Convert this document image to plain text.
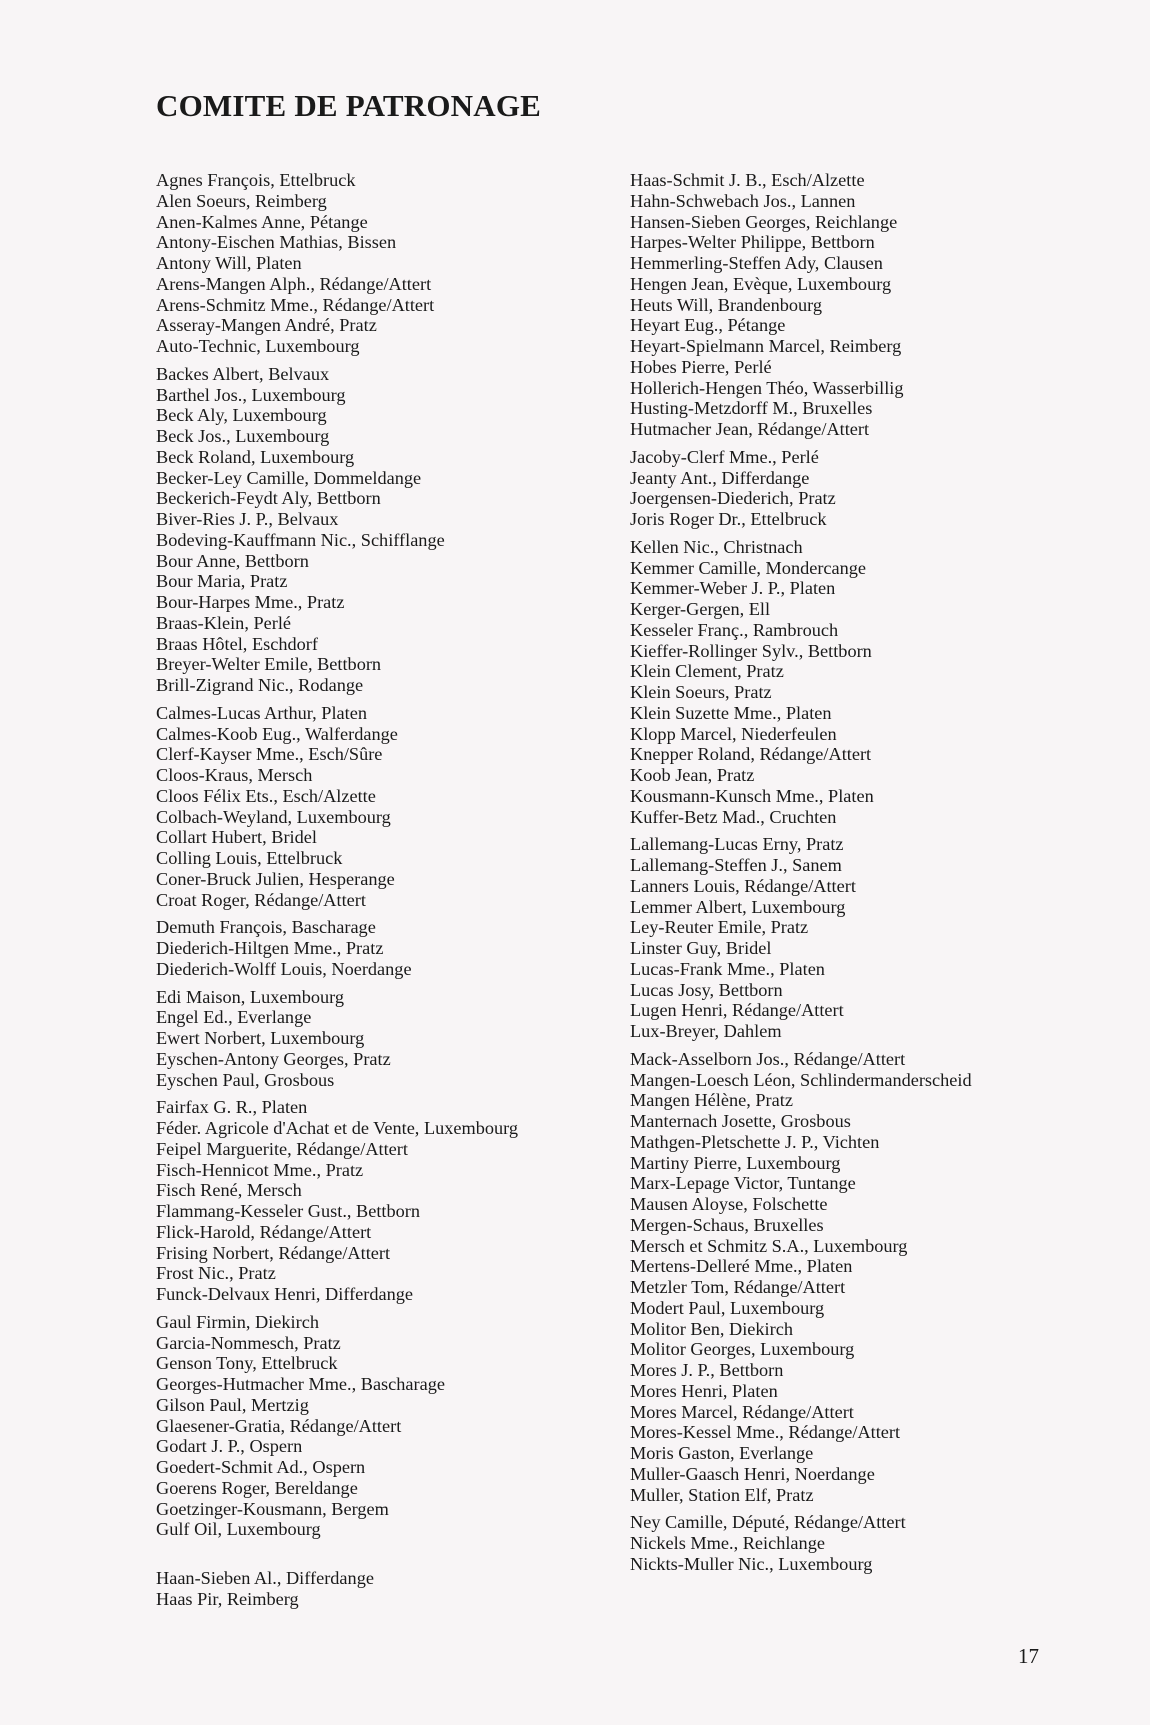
COMITE DE PATRONAGE
Agnes François, Ettelbruck
Alen Soeurs, Reimberg
Anen-Kalmes Anne, Pétange
Antony-Eischen Mathias, Bissen
Antony Will, Platen
Arens-Mangen Alph., Rédange/Attert
Arens-Schmitz Mme., Rédange/Attert
Asseray-Mangen André, Pratz
Auto-Technic, Luxembourg
Backes Albert, Belvaux
Barthel Jos., Luxembourg
Beck Aly, Luxembourg
Beck Jos., Luxembourg
Beck Roland, Luxembourg
Becker-Ley Camille, Dommeldange
Beckerich-Feydt Aly, Bettborn
Biver-Ries J. P., Belvaux
Bodeving-Kauffmann Nic., Schifflange
Bour Anne, Bettborn
Bour Maria, Pratz
Bour-Harpes Mme., Pratz
Braas-Klein, Perlé
Braas Hôtel, Eschdorf
Breyer-Welter Emile, Bettborn
Brill-Zigrand Nic., Rodange
Calmes-Lucas Arthur, Platen
Calmes-Koob Eug., Walferdange
Clerf-Kayser Mme., Esch/Sûre
Cloos-Kraus, Mersch
Cloos Félix Ets., Esch/Alzette
Colbach-Weyland, Luxembourg
Collart Hubert, Bridel
Colling Louis, Ettelbruck
Coner-Bruck Julien, Hesperange
Croat Roger, Rédange/Attert
Demuth François, Bascharage
Diederich-Hiltgen Mme., Pratz
Diederich-Wolff Louis, Noerdange
Edi Maison, Luxembourg
Engel Ed., Everlange
Ewert Norbert, Luxembourg
Eyschen-Antony Georges, Pratz
Eyschen Paul, Grosbous
Fairfax G. R., Platen
Féder. Agricole d'Achat et de Vente, Luxembourg
Feipel Marguerite, Rédange/Attert
Fisch-Hennicot Mme., Pratz
Fisch René, Mersch
Flammang-Kesseler Gust., Bettborn
Flick-Harold, Rédange/Attert
Frising Norbert, Rédange/Attert
Frost Nic., Pratz
Funck-Delvaux Henri, Differdange
Gaul Firmin, Diekirch
Garcia-Nommesch, Pratz
Genson Tony, Ettelbruck
Georges-Hutmacher Mme., Bascharage
Gilson Paul, Mertzig
Glaesener-Gratia, Rédange/Attert
Godart J. P., Ospern
Goedert-Schmit Ad., Ospern
Goerens Roger, Bereldange
Goetzinger-Kousmann, Bergem
Gulf Oil, Luxembourg
Haan-Sieben Al., Differdange
Haas Pir, Reimberg
Haas-Schmit J. B., Esch/Alzette
Hahn-Schwebach Jos., Lannen
Hansen-Sieben Georges, Reichlange
Harpes-Welter Philippe, Bettborn
Hemmerling-Steffen Ady, Clausen
Hengen Jean, Evèque, Luxembourg
Heuts Will, Brandenbourg
Heyart Eug., Pétange
Heyart-Spielmann Marcel, Reimberg
Hobes Pierre, Perlé
Hollerich-Hengen Théo, Wasserbillig
Husting-Metzdorff M., Bruxelles
Hutmacher Jean, Rédange/Attert
Jacoby-Clerf Mme., Perlé
Jeanty Ant., Differdange
Joergensen-Diederich, Pratz
Joris Roger Dr., Ettelbruck
Kellen Nic., Christnach
Kemmer Camille, Mondercange
Kemmer-Weber J. P., Platen
Kerger-Gergen, Ell
Kesseler Franç., Rambrouch
Kieffer-Rollinger Sylv., Bettborn
Klein Clement, Pratz
Klein Soeurs, Pratz
Klein Suzette Mme., Platen
Klopp Marcel, Niederfeulen
Knepper Roland, Rédange/Attert
Koob Jean, Pratz
Kousmann-Kunsch Mme., Platen
Kuffer-Betz Mad., Cruchten
Lallemang-Lucas Erny, Pratz
Lallemang-Steffen J., Sanem
Lanners Louis, Rédange/Attert
Lemmer Albert, Luxembourg
Ley-Reuter Emile, Pratz
Linster Guy, Bridel
Lucas-Frank Mme., Platen
Lucas Josy, Bettborn
Lugen Henri, Rédange/Attert
Lux-Breyer, Dahlem
Mack-Asselborn Jos., Rédange/Attert
Mangen-Loesch Léon, Schlindermanderscheid
Mangen Hélène, Pratz
Manternach Josette, Grosbous
Mathgen-Pletschette J. P., Vichten
Martiny Pierre, Luxembourg
Marx-Lepage Victor, Tuntange
Mausen Aloyse, Folschette
Mergen-Schaus, Bruxelles
Mersch et Schmitz S.A., Luxembourg
Mertens-Delleré Mme., Platen
Metzler Tom, Rédange/Attert
Modert Paul, Luxembourg
Molitor Ben, Diekirch
Molitor Georges, Luxembourg
Mores J. P., Bettborn
Mores Henri, Platen
Mores Marcel, Rédange/Attert
Mores-Kessel Mme., Rédange/Attert
Moris Gaston, Everlange
Muller-Gaasch Henri, Noerdange
Muller, Station Elf, Pratz
Ney Camille, Député, Rédange/Attert
Nickels Mme., Reichlange
Nickts-Muller Nic., Luxembourg
17
